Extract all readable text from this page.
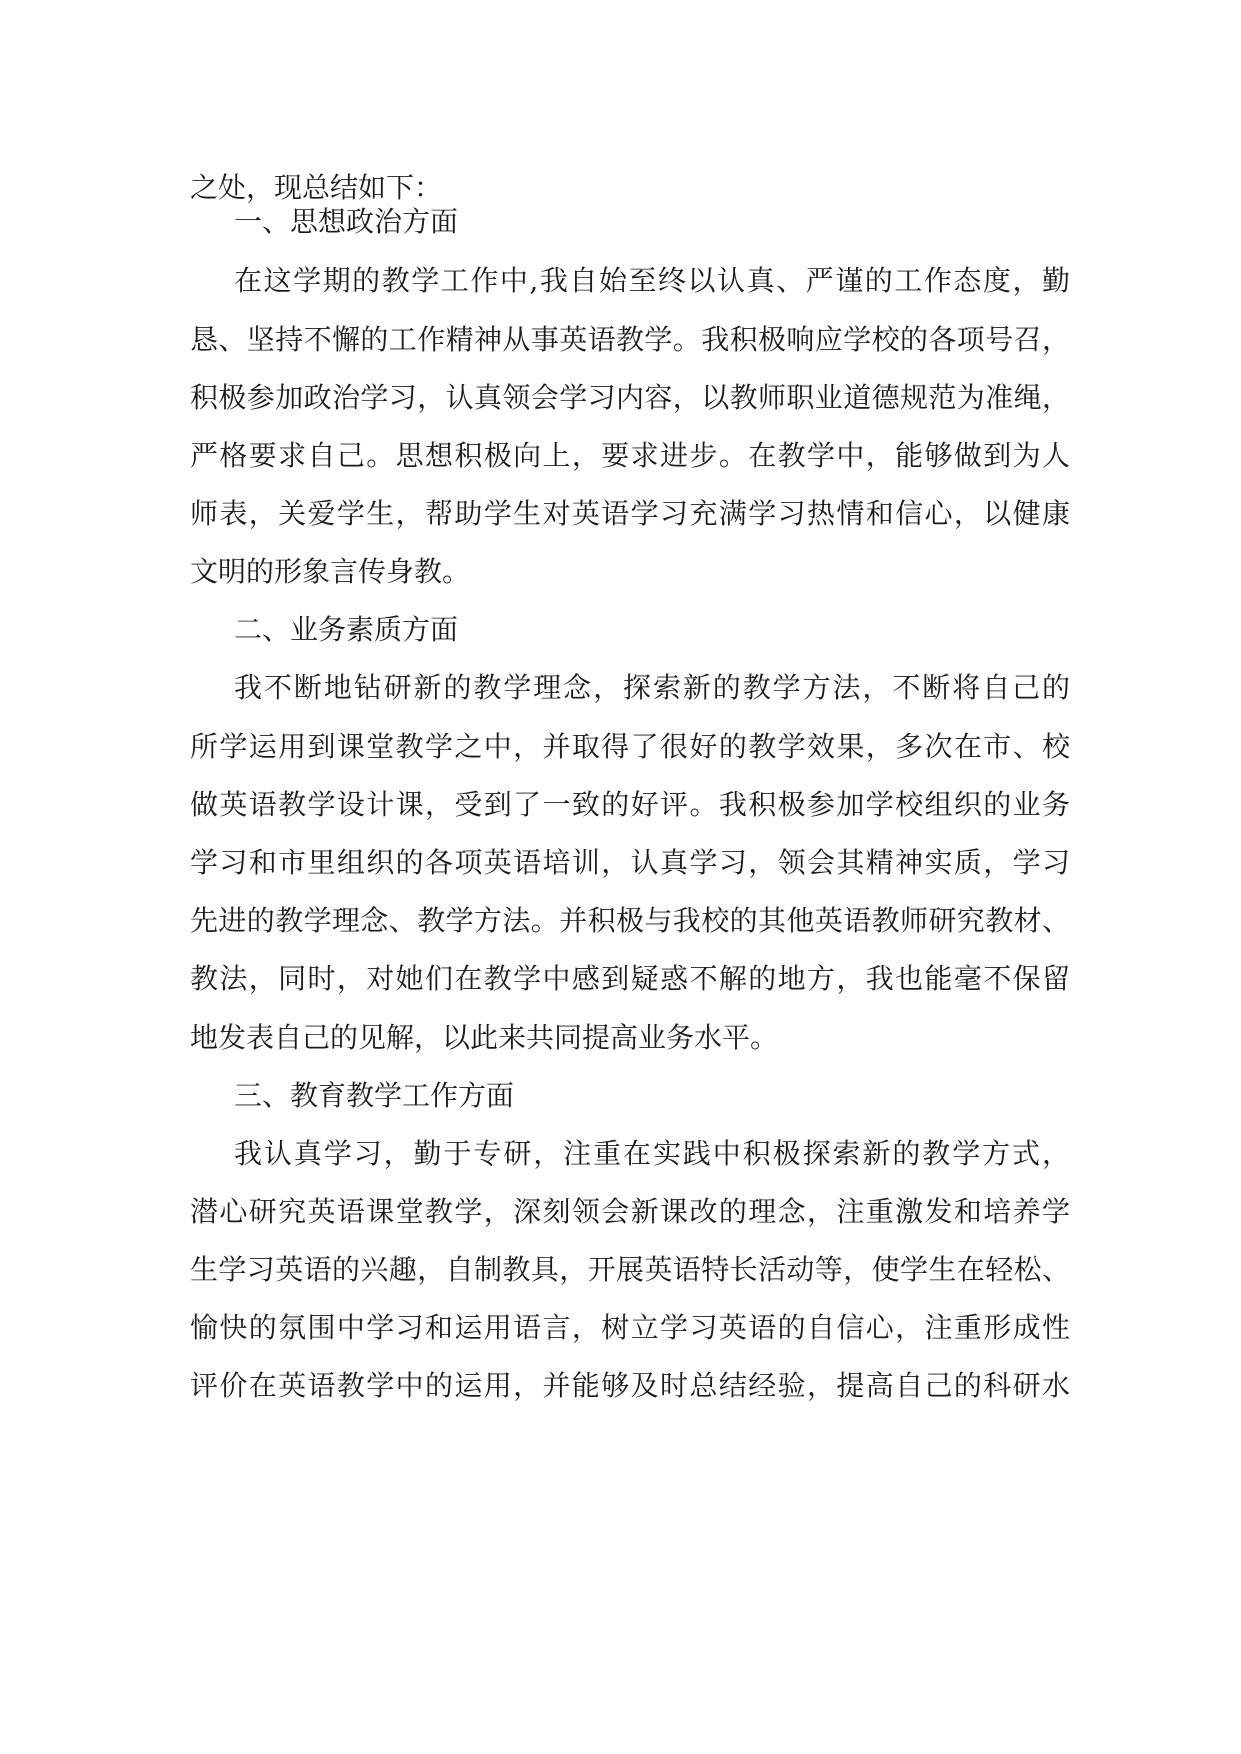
之处，现总结如下：

一、思想政治方面

在这学期的教学工作中,我自始至终以认真、严谨的工作态度，勤

恳、坚持不懈的工作精神从事英语教学。我积极响应学校的各项号召，

积极参加政治学习，认真领会学习内容，以教师职业道德规范为准绳，

严格要求自己。思想积极向上，要求进步。在教学中，能够做到为人

师表，关爱学生，帮助学生对英语学习充满学习热情和信心，以健康

文明的形象言传身教。

二、业务素质方面

我不断地钻研新的教学理念，探索新的教学方法，不断将自己的

所学运用到课堂教学之中，并取得了很好的教学效果，多次在市、校

做英语教学设计课，受到了一致的好评。我积极参加学校组织的业务

学习和市里组织的各项英语培训，认真学习，领会其精神实质，学习

先进的教学理念、教学方法。并积极与我校的其他英语教师研究教材、

教法，同时，对她们在教学中感到疑惑不解的地方，我也能毫不保留

地发表自己的见解，以此来共同提高业务水平。

三、教育教学工作方面

我认真学习，勤于专研，注重在实践中积极探索新的教学方式，

潜心研究英语课堂教学，深刻领会新课改的理念，注重激发和培养学

生学习英语的兴趣，自制教具，开展英语特长活动等，使学生在轻松、

愉快的氛围中学习和运用语言，树立学习英语的自信心，注重形成性

评价在英语教学中的运用，并能够及时总结经验，提高自己的科研水
